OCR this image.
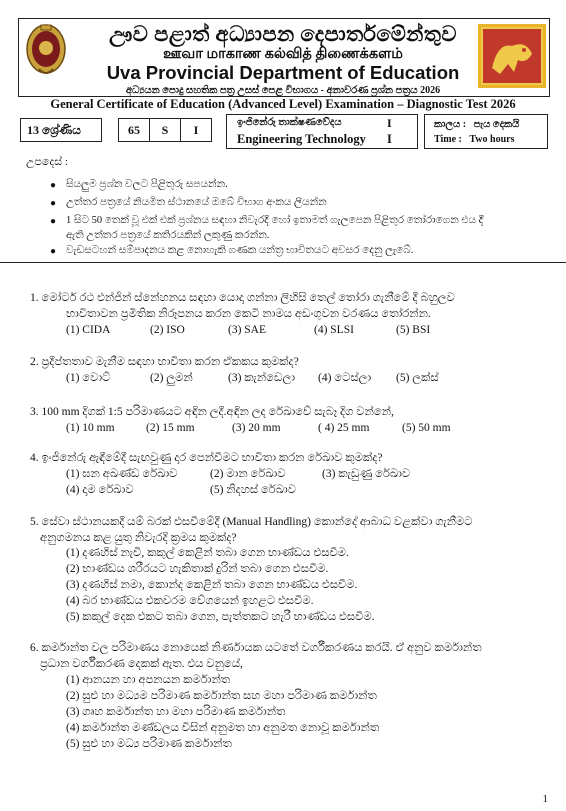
ඌව පළාත් අධ්‍යාපන දෙපාර්තමේන්තුව
ஊவா மாகாண கல்வித் திணைக்களம்
Uva Provincial Department of Education
අධ්‍යයන පොදු සහතික පත්‍ර උසස් පෙළ විභාගය - අනාවරණ ප්‍රශ්න පත්‍රය 2026
General Certificate of Education (Advanced Level) Examination – Diagnostic Test 2026
13 ශ්‍රේණිය	65	S	I
ඉංජිනේරු තාක්ෂණවේදය	I
Engineering Technology I
කාලය : පැය දෙකයි
Time : Two hours
උපදෙස් :
● සියලුම ප්‍රශ්න වලට පිළිතුරු සපයන්න.
● උත්තර පත්‍රයේ නියමිත ස්ථානයේ ඔබේ විභාග අංකය ලියන්න
● 1 සිට 50 තෙක් වූ එක් එක් ප්‍රශ්නය සඳහා නිවැරදි හෝ ඉතාමත් ගැලපෙන පිළිතුර තෝරාගෙන එය දී
ඇති උත්තර පත්‍රයේ කතිරයකින් ලකුණු කරන්න.
● වැඩසටහන් සම්පාදනය කළ නොහැකි ගණක යන්ත්‍ර භාවිතයට අවසර දෙනු ලැබේ.
1. මෝටර් රථ එන්ජින් ස්නේහනය සඳහා යොදා ගන්නා ලිහිසි තෙල් තෝරා ගැනීමේ දී බහුලව
භාවිතාවන ප්‍රමිතික නිරූපනය කරන කෙටි නාමය අඩංගුවන වරණය තෝරන්න.
(1) CIDA	(2) ISO	(3) SAE	(4) SLSI	(5) BSI
2. ප්‍රදීප්තතාව මැනීම සඳහා භාවිතා කරන ඒකකය කුමක්ද?
(1) වොට්	(2) ලුමන්	(3) කැන්ඩෙලා (4) ටෙස්ලා (5) ලක්ස්
3. 100 mm දිගක් 1:5 පරිමාණයට අඳින ලදී.අඳින ලද රේඛාවේ සැබෑ දිග වන්නේ,
(1) 10 mm	(2) 15 mm	(3) 20 mm	( 4) 25 mm	(5) 50 mm
4. ඉංජිනේරු ඇඳීමේදී සැඟවුණු දාර පෙන්වීමට භාවිතා කරන රේඛාව කුමක්ද?
(1) ඝන අඛණ්ඩ රේඛාව	(2) මාන රේඛාව	(3) කැඩුණු රේඛාව
(4) දාම රේඛාව	(5) නිදහස් රේඛාව
5. සේවා ස්ථානයකදී යම් බරක් එසවීමේදී (Manual Handling) කොන්දේ ආබාධ වළක්වා ගැනීමට
අනුගමනය කළ යුතු නිවැරදි ක්‍රමය කුමක්ද?
(1) දණහිස් නැවී, කකුල් කෙළින් තබා ගෙන භාණ්ඩය එසවීම.
(2) භාණ්ඩය ශරීරයට හැකිතාක් දුරින් තබා ගෙන එසවීම.
(3) දණහිස් නමා, කොන්ද කෙළින් තබා ගෙන භාණ්ඩය එසවීම.
(4) බර භාණ්ඩය එකවරම වේගයෙන් ඉහළට එසවීම.
(5) කකුල් දෙක එකට තබා ගෙන, පැත්තකට හැරී භාණ්ඩය එසවීම.
6. කර්මාන්ත වල පරිමාණය නොයෙක් නිර්ණායක යටතේ වර්ගීකරණය කරයි. ඒ අනුව කර්මාන්ත
ප්‍රධාන වර්ගීකරණ දෙකක් ඇත. එය වනුයේ,
(1) ආනයන හා අපනයන කර්මාන්ත
(2) සුළු හා මධ්‍යම පරිමාණ කර්මාන්ත සහ මහා පරිමාණ කර්මාන්ත
(3) ගෘහ කර්මාන්ත හා මහා පරිමාණ කර්මාන්ත
(4) කර්මාන්ත මණ්ඩලය විසින් අනුමත හා අනුමත නොවූ කර්මාන්ත
(5) සුළු හා මධ්‍ය පරිමාණ කර්මාන්ත
1
